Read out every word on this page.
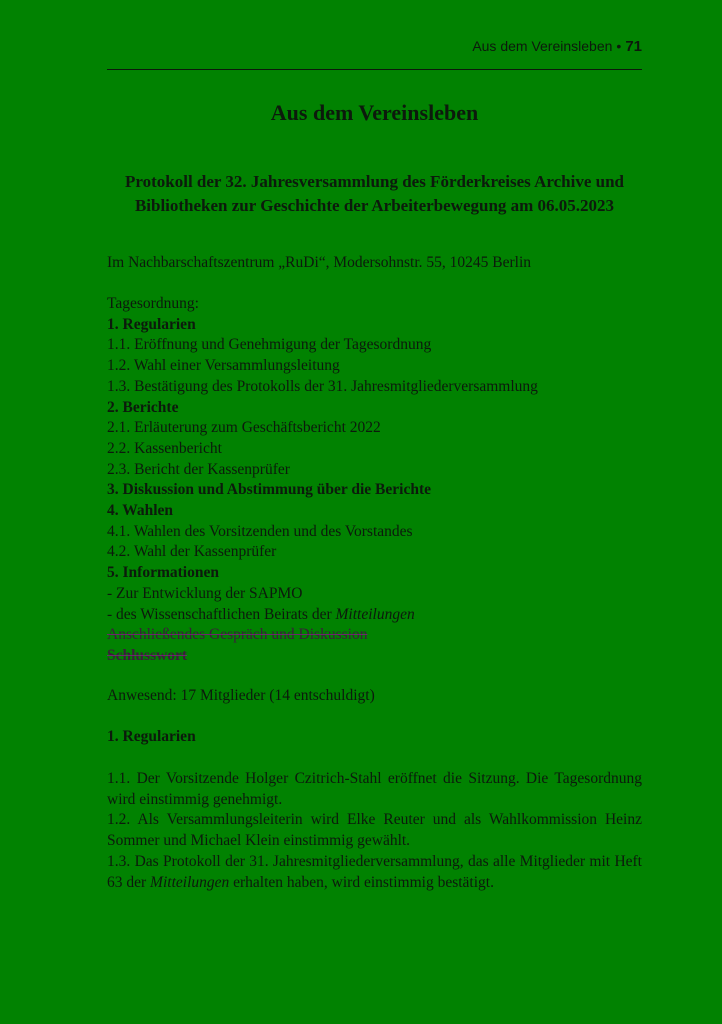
Aus dem Vereinsleben • 71
Aus dem Vereinsleben
Protokoll der 32. Jahresversammlung des Förderkreises Archive und
Bibliotheken zur Geschichte der Arbeiterbewegung am 06.05.2023

Im Nachbarschaftszentrum „RuDi“, Modersohnstr. 55, 10245 Berlin

Tagesordnung:
1. Regularien
1.1. Eröffnung und Genehmigung der Tagesordnung
1.2. Wahl einer Versammlungsleitung
1.3. Bestätigung des Protokolls der 31. Jahresmitgliederversammlung
2. Berichte
2.1. Erläuterung zum Geschäftsbericht 2022
2.2. Kassenbericht
2.3. Bericht der Kassenprüfer
3. Diskussion und Abstimmung über die Berichte
4. Wahlen
4.1. Wahlen des Vorsitzenden und des Vorstandes
4.2. Wahl der Kassenprüfer
5. Informationen
- Zur Entwicklung der SAPMO
- des Wissenschaftlichen Beirats der Mitteilungen
Anschließendes Gespräch und Diskussion
Schlusswort

Anwesend: 17 Mitglieder (14 entschuldigt)

1. Regularien

1.1. Der Vorsitzende Holger Czitrich-Stahl eröffnet die Sitzung. Die Tagesordnung wird einstimmig genehmigt.

1.2. Als Versammlungsleiterin wird Elke Reuter und als Wahlkommission Heinz Sommer und Michael Klein einstimmig gewählt.

1.3. Das Protokoll der 31. Jahresmitgliederversammlung, das alle Mitglieder mit Heft 63 der Mitteilungen erhalten haben, wird einstimmig bestätigt.
